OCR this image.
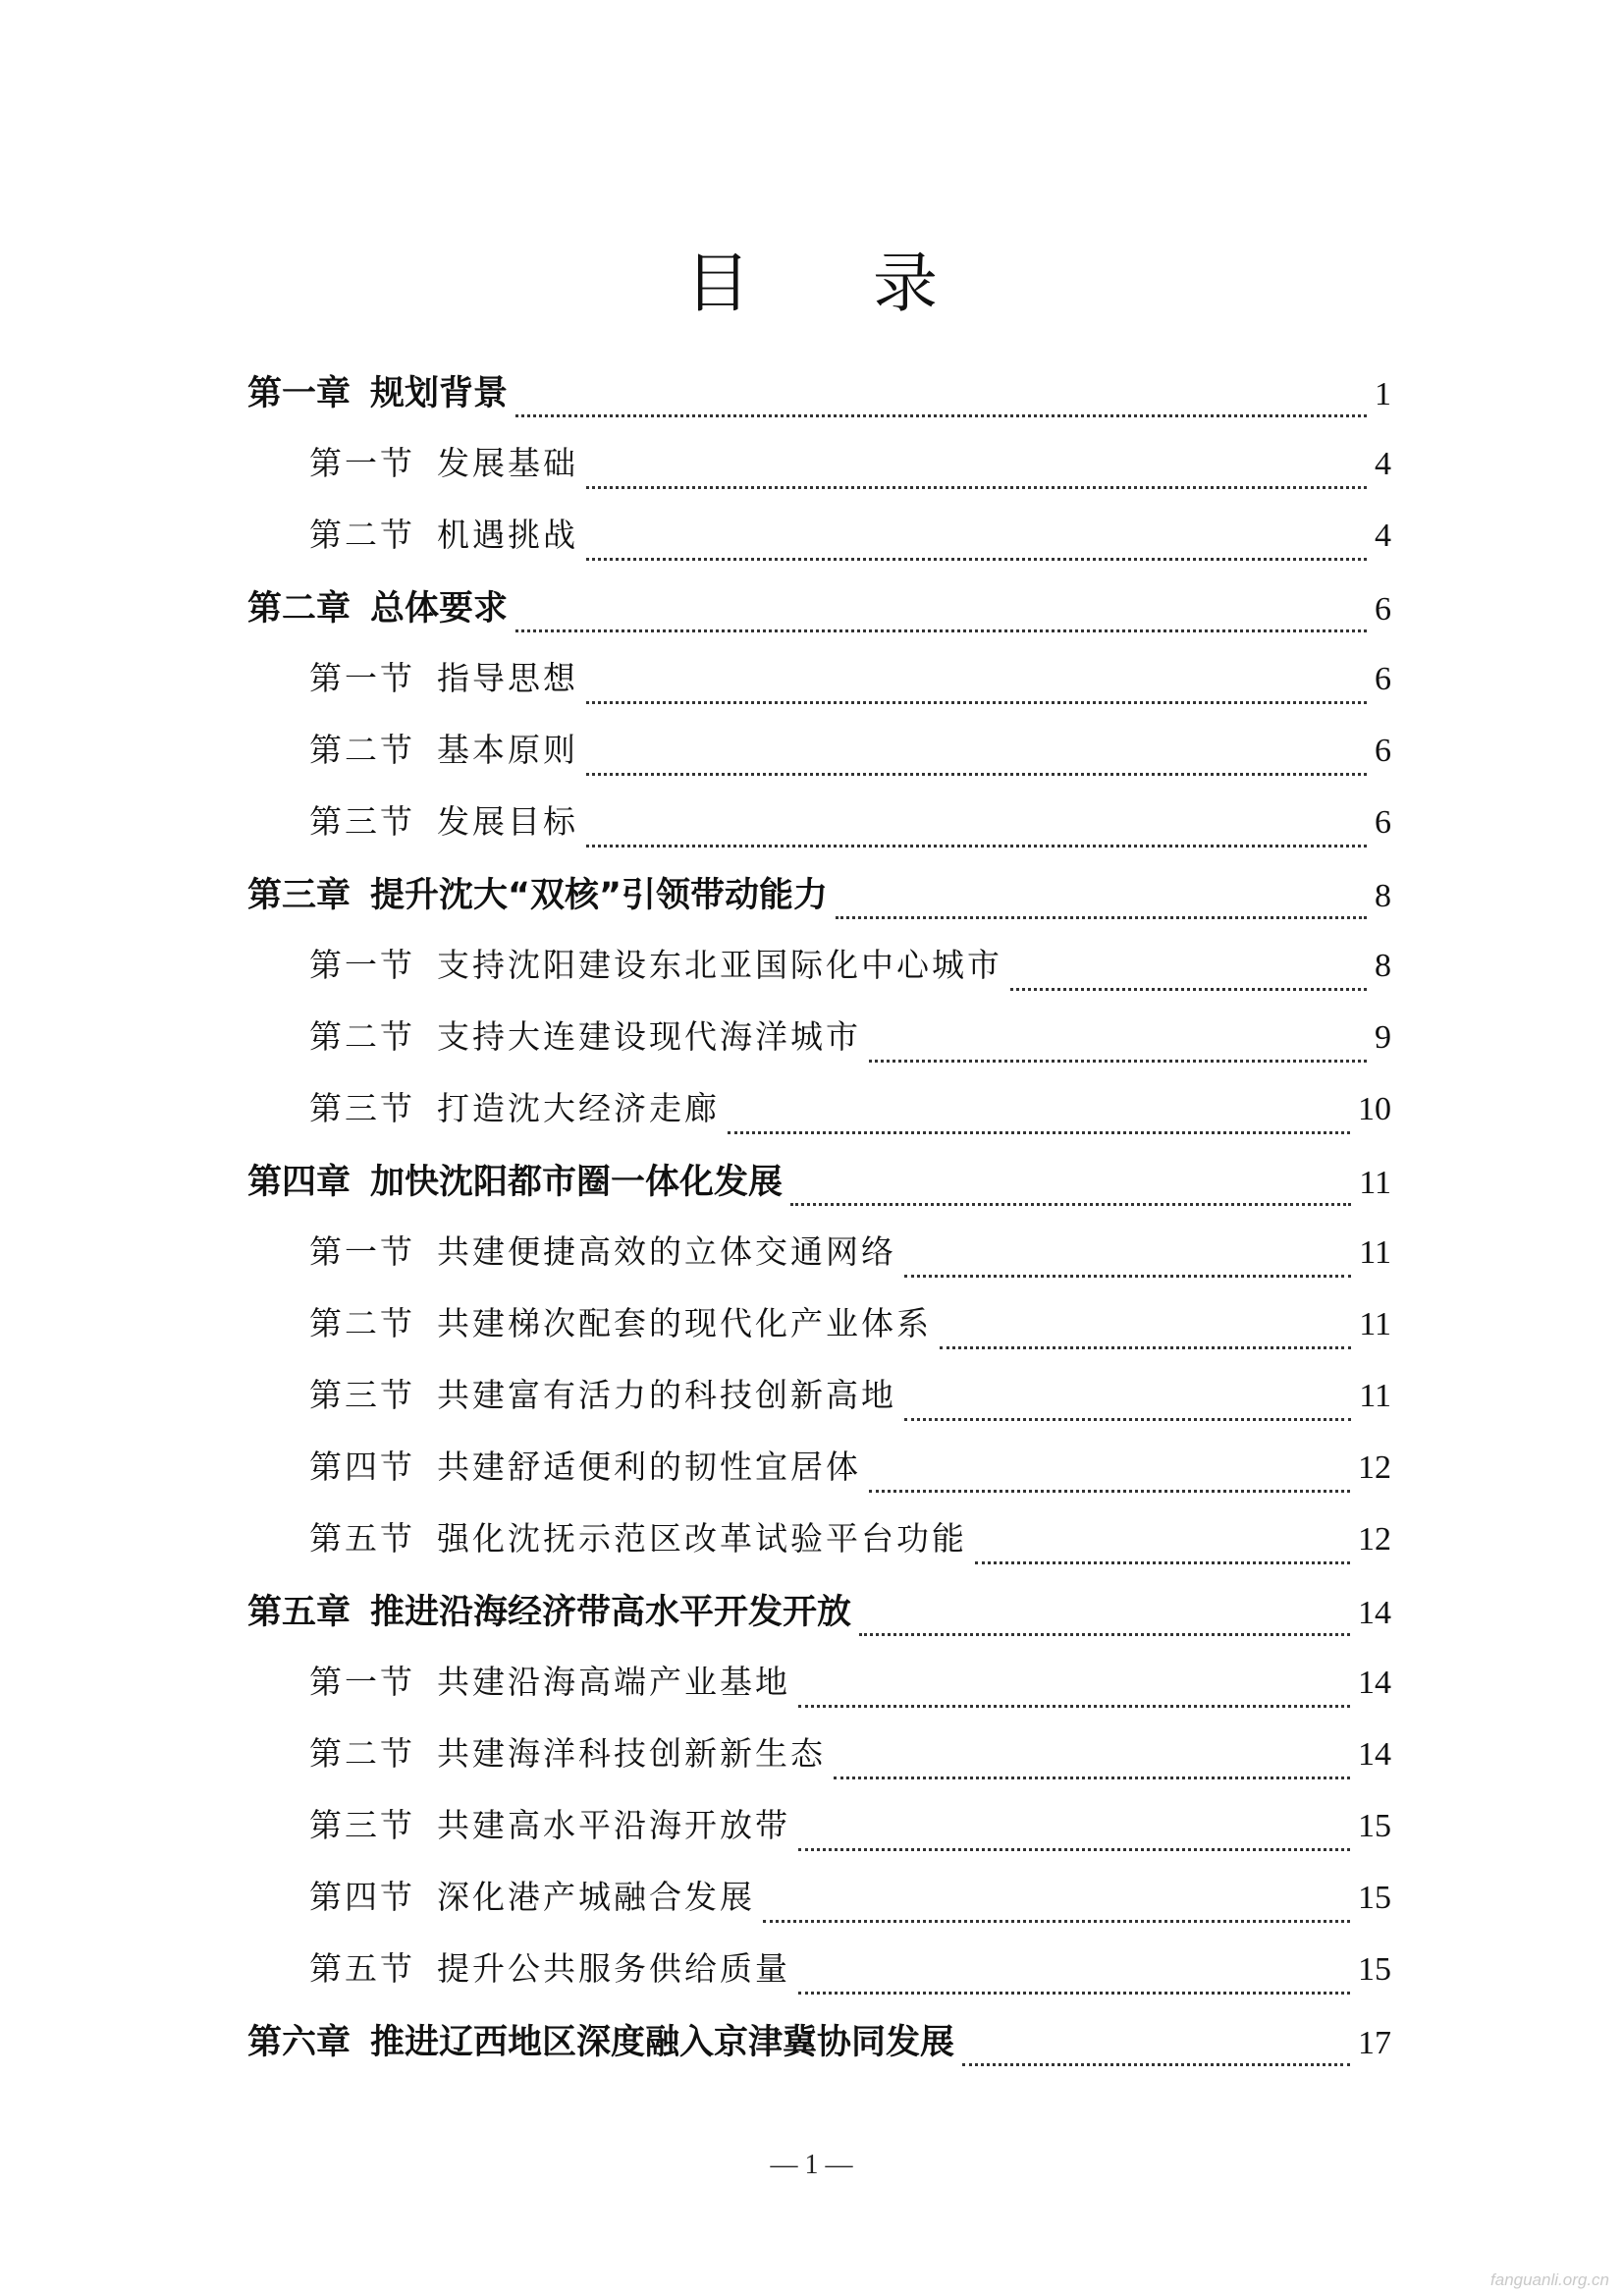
目 录
第一章 规划背景	1
第一节 发展基础	4
第二节 机遇挑战	4
第二章 总体要求	6
第一节 指导思想	6
第二节 基本原则	6
第三节 发展目标	6
第三章 提升沈大“双核”引领带动能力	8
第一节 支持沈阳建设东北亚国际化中心城市	8
第二节 支持大连建设现代海洋城市	9
第三节 打造沈大经济走廊	10
第四章 加快沈阳都市圈一体化发展	11
第一节 共建便捷高效的立体交通网络	11
第二节 共建梯次配套的现代化产业体系	11
第三节 共建富有活力的科技创新高地	11
第四节 共建舒适便利的韧性宜居体	12
第五节 强化沈抚示范区改革试验平台功能	12
第五章 推进沿海经济带高水平开发开放	14
第一节 共建沿海高端产业基地	14
第二节 共建海洋科技创新新生态	14
第三节 共建高水平沿海开放带	15
第四节 深化港产城融合发展	15
第五节 提升公共服务供给质量	15
第六章 推进辽西地区深度融入京津冀协同发展	17
— 1 —
fanguanli.org.cn
